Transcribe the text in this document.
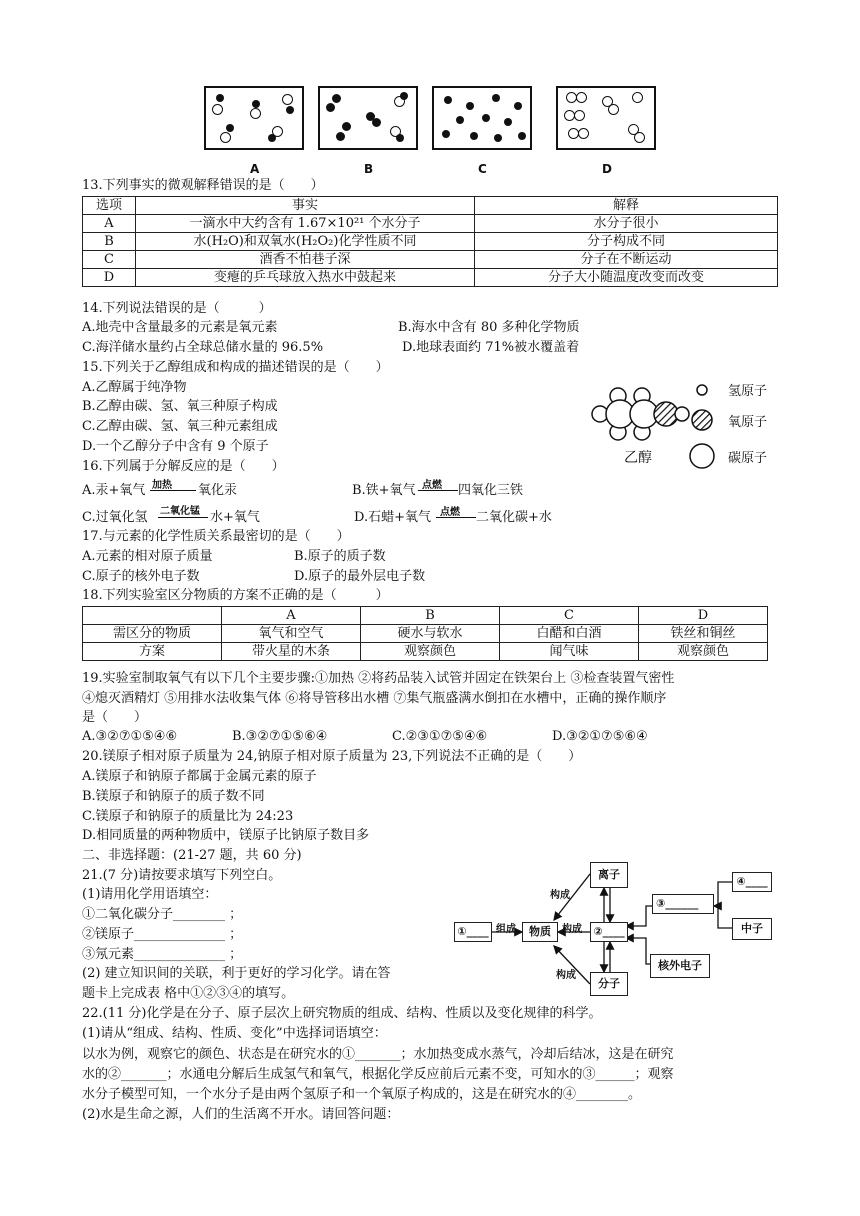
A	B	C	D
13.下列事实的微观解释错误的是（　　）
选项	事实	解释
A	一滴水中大约含有 1.67×10²¹ 个水分子	水分子很小
B	水(H₂O)和双氧水(H₂O₂)化学性质不同	分子构成不同
C	酒香不怕巷子深	分子在不断运动
D	变瘪的乒乓球放入热水中鼓起来	分子大小随温度改变而改变
14.下列说法错误的是（　　　）
A.地壳中含量最多的元素是氧元素	B.海水中含有 80 多种化学物质
C.海洋储水量约占全球总储水量的 96.5%	D.地球表面约 71%被水覆盖着
15.下列关于乙醇组成和构成的描述错误的是（　　）
A.乙醇属于纯净物
B.乙醇由碳、氢、氧三种原子构成
C.乙醇由碳、氢、氧三种元素组成
D.一个乙醇分子中含有 9 个原子
氢原子
氧原子
碳原子
乙醇
16.下列属于分解反应的是（　　）
A.汞+氧气 加热 氧化汞	B.铁+氧气 点燃 四氧化三铁
C.过氧化氢 二氧化锰 水+氧气	D.石蜡+氧气 点燃 二氧化碳+水
17.与元素的化学性质关系最密切的是（　　）
A.元素的相对原子质量	B.原子的质子数
C.原子的核外电子数	D.原子的最外层电子数
18.下列实验室区分物质的方案不正确的是（　　　）
	A	B	C	D
需区分的物质	氧气和空气	硬水与软水	白醋和白酒	铁丝和铜丝
方案	带火星的木条	观察颜色	闻气味	观察颜色
19.实验室制取氧气有以下几个主要步骤:①加热 ②将药品装入试管并固定在铁架台上 ③检查装置气密性
④熄灭酒精灯 ⑤用排水法收集气体 ⑥将导管移出水槽 ⑦集气瓶盛满水倒扣在水槽中，正确的操作顺序
是（　　）
A.③②⑦①⑤④⑥	B.③②⑦①⑤⑥④	C.②③①⑦⑤④⑥	D.③②①⑦⑤⑥④
20.镁原子相对原子质量为 24,钠原子相对原子质量为 23,下列说法不正确的是（　　）
A.镁原子和钠原子都属于金属元素的原子
B.镁原子和钠原子的质子数不同
C.镁原子和钠原子的质量比为 24:23
D.相同质量的两种物质中，镁原子比钠原子数目多
二、非选择题：(21-27 题，共 60 分)
21.(7 分)请按要求填写下列空白。
(1)请用化学用语填空：
①二氧化碳分子________ ；
②镁原子______________ ；
③氖元素______________ ；
(2) 建立知识间的关联，利于更好的学习化学。请在答
题卡上完成表 格中①②③④的填写。
①____	物质
离子
②____
分子
③______
核外电子
④____
中子
组成
构成
构成
构成
22.(11 分)化学是在分子、原子层次上研究物质的组成、结构、性质以及变化规律的科学。
(1)请从“组成、结构、性质、变化”中选择词语填空：
以水为例，观察它的颜色、状态是在研究水的①_______；水加热变成水蒸气，冷却后结冰，这是在研究
水的②_______；水通电分解后生成氢气和氧气，根据化学反应前后元素不变，可知水的③______；观察
水分子模型可知，一个水分子是由两个氢原子和一个氧原子构成的，这是在研究水的④________。
(2)水是生命之源，人们的生活离不开水。请回答问题：
